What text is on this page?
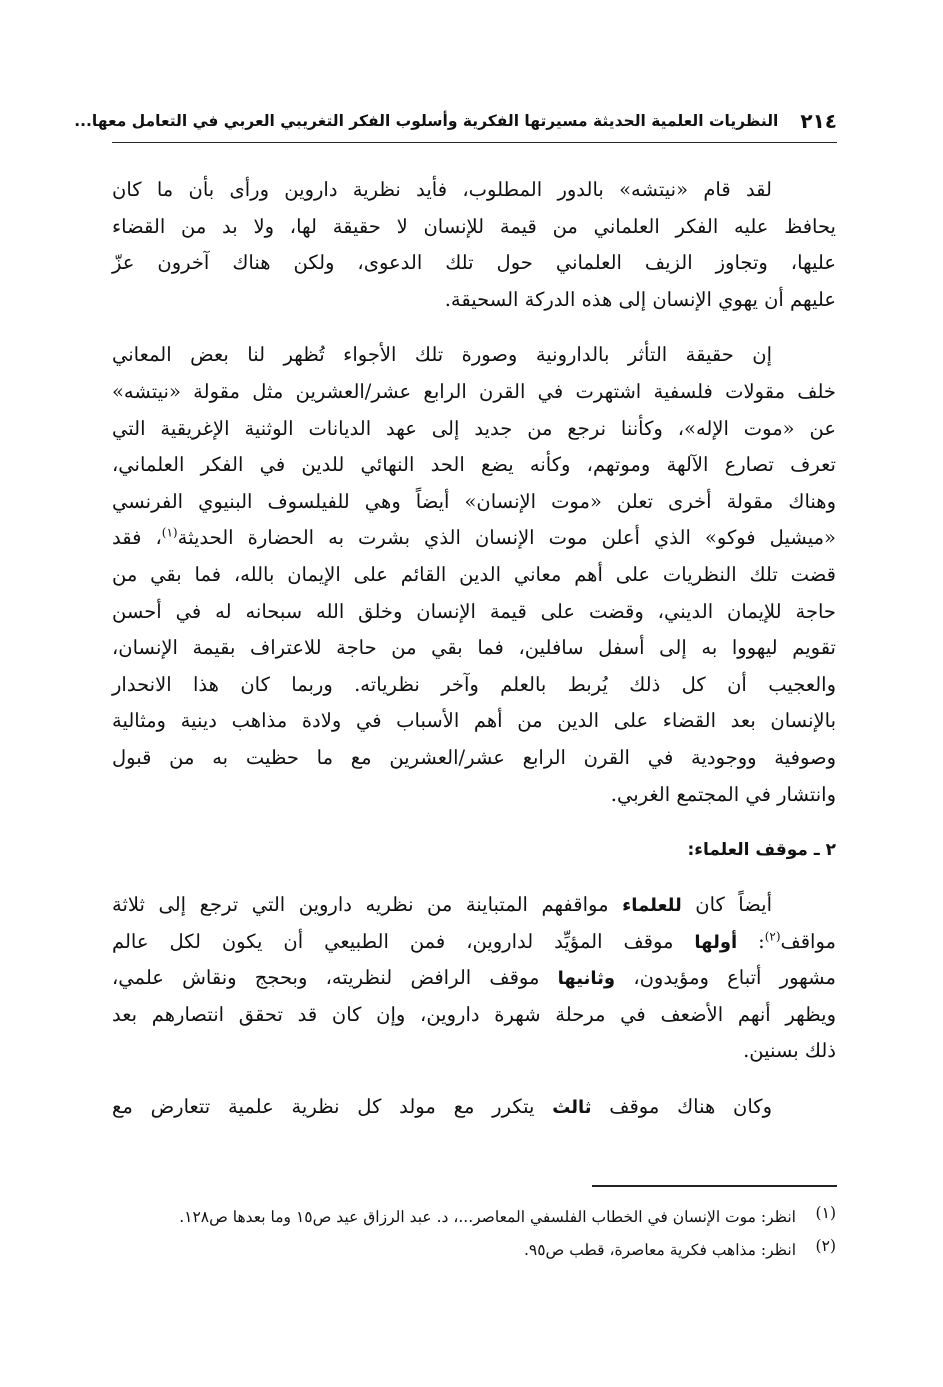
٢١٤
النظريات العلمية الحديثة مسيرتها الفكرية وأسلوب الفكر التغريبي العربي في التعامل معها...
لقد قام «نيتشه» بالدور المطلوب، فأيد نظرية داروين ورأى بأن ما كان
يحافظ عليه الفكر العلماني من قيمة للإنسان لا حقيقة لها، ولا بد من القضاء
عليها، وتجاوز الزيف العلماني حول تلك الدعوى، ولكن هناك آخرون عزّ
عليهم أن يهوي الإنسان إلى هذه الدركة السحيقة.
إن حقيقة التأثر بالدارونية وصورة تلك الأجواء تُظهر لنا بعض المعاني
خلف مقولات فلسفية اشتهرت في القرن الرابع عشر/العشرين مثل مقولة «نيتشه»
عن «موت الإله»، وكأننا نرجع من جديد إلى عهد الديانات الوثنية الإغريقية التي
تعرف تصارع الآلهة وموتهم، وكأنه يضع الحد النهائي للدين في الفكر العلماني،
وهناك مقولة أخرى تعلن «موت الإنسان» أيضاً وهي للفيلسوف البنيوي الفرنسي
«ميشيل فوكو» الذي أعلن موت الإنسان الذي بشرت به الحضارة الحديثة$^{(١)}$، فقد
قضت تلك النظريات على أهم معاني الدين القائم على الإيمان بالله، فما بقي من
حاجة للإيمان الديني، وقضت على قيمة الإنسان وخلق الله سبحانه له في أحسن
تقويم ليهووا به إلى أسفل سافلين، فما بقي من حاجة للاعتراف بقيمة الإنسان،
والعجيب أن كل ذلك يُربط بالعلم وآخر نظرياته. وربما كان هذا الانحدار
بالإنسان بعد القضاء على الدين من أهم الأسباب في ولادة مذاهب دينية ومثالية
وصوفية ووجودية في القرن الرابع عشر/العشرين مع ما حظيت به من قبول
وانتشار في المجتمع الغربي.
٢ ـ موقف العلماء:
أيضاً كان للعلماء مواقفهم المتباينة من نظريه داروين التي ترجع إلى ثلاثة
مواقف$^{(٢)}$: أولها موقف المؤيِّد لداروين، فمن الطبيعي أن يكون لكل عالم
مشهور أتباع ومؤيدون، وثانيها موقف الرافض لنظريته، وبحجج ونقاش علمي،
ويظهر أنهم الأضعف في مرحلة شهرة داروين، وإن كان قد تحقق انتصارهم بعد
ذلك بسنين.
وكان هناك موقف ثالث يتكرر مع مولد كل نظرية علمية تتعارض مع
(١)
انظر: موت الإنسان في الخطاب الفلسفي المعاصر...، د. عبد الرزاق عيد ص١٥ وما بعدها ص١٢٨.
(٢)
انظر: مذاهب فكرية معاصرة، قطب ص٩٥.
